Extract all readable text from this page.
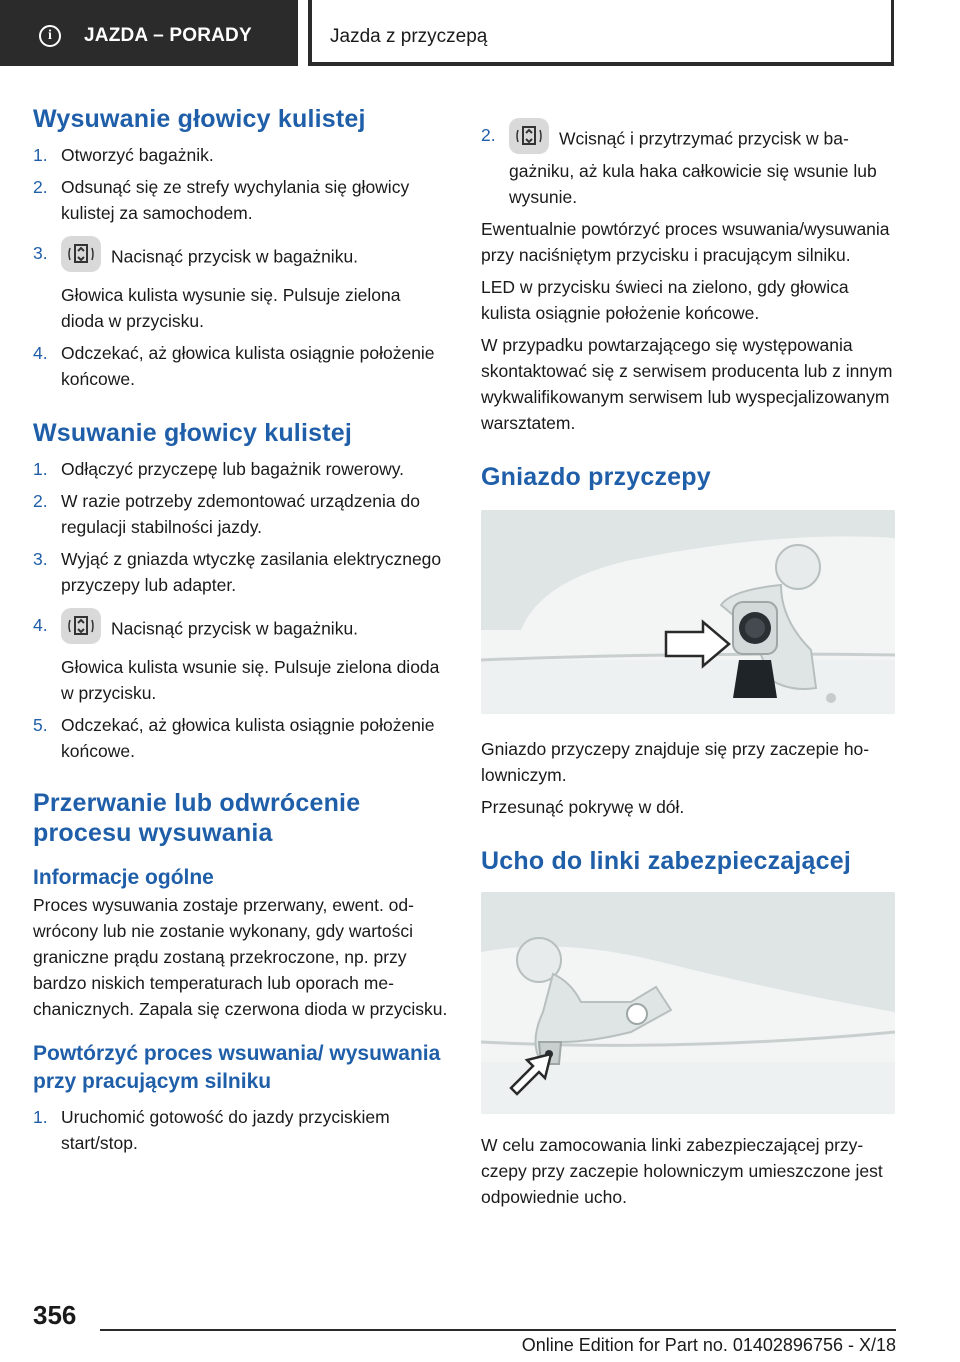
i	JAZDA – PORADY	Jazda z przyczepą
Wysuwanie głowicy kulistej
1. Otworzyć bagażnik.
2. Odsunąć się ze strefy wychylania się głowicy kulistej za samochodem.
3.	Nacisnąć przycisk w bagażniku.
Głowica kulista wysunie się. Pulsuje zielona dioda w przycisku.
4. Odczekać, aż głowica kulista osiągnie położenie końcowe.
Wsuwanie głowicy kulistej
1. Odłączyć przyczepę lub bagażnik rowerowy.
2. W razie potrzeby zdemontować urządzenia do regulacji stabilności jazdy.
3. Wyjąć z gniazda wtyczkę zasilania elektrycznego przyczepy lub adapter.
4.	Nacisnąć przycisk w bagażniku.
Głowica kulista wsunie się. Pulsuje zielona dioda w przycisku.
5. Odczekać, aż głowica kulista osiągnie położenie końcowe.
Przerwanie lub odwrócenie procesu wysuwania
Informacje ogólne

Proces wysuwania zostaje przerwany, ewent. odwrócony lub nie zostanie wykonany, gdy wartości graniczne prądu zostaną przekroczone, np. przy bardzo niskich temperaturach lub oporach mechanicznych. Zapala się czerwona dioda w przycisku.

Powtórzyć proces wsuwania/ wysuwania przy pracującym silniku
1. Uruchomić gotowość do jazdy przyciskiem start/stop.
2.	Wcisnąć i przytrzymać przycisk w bagażniku, aż kula haka całkowicie się wsunie lub wysunie.

Ewentualnie powtórzyć proces wsuwania/wysuwania przy naciśniętym przycisku i pracującym silniku.

LED w przycisku świeci na zielono, gdy głowica kulista osiągnie położenie końcowe.

W przypadku powtarzającego się występowania skontaktować się z serwisem producenta lub z innym wykwalifikowanym serwisem lub wyspecjalizowanym warsztatem.

Gniazdo przyczepy

Gniazdo przyczepy znajduje się przy zaczepie holowniczym.

Przesunąć pokrywę w dół.

Ucho do linki zabezpieczającej

W celu zamocowania linki zabezpieczającej przyczepy przy zaczepie holowniczym umieszczone jest odpowiednie ucho.

356
Online Edition for Part no. 01402896756 - X/18
